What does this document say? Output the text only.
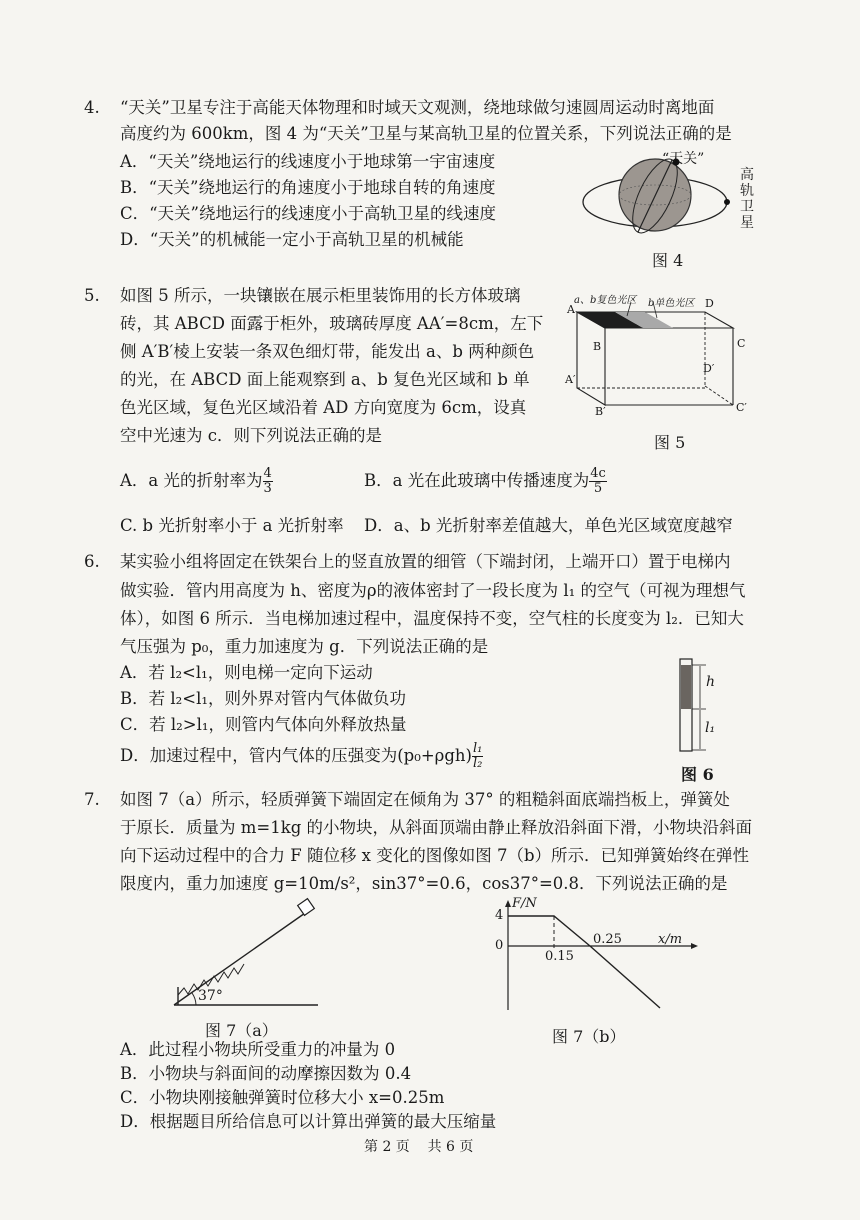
4. “天关”卫星专注于高能天体物理和时域天文观测，绕地球做匀速圆周运动时离地面
高度约为 600km，图 4 为“天关”卫星与某高轨卫星的位置关系，下列说法正确的是
A．“天关”绕地运行的线速度小于地球第一宇宙速度
B．“天关”绕地运行的角速度小于地球自转的角速度
C．“天关”绕地运行的线速度小于高轨卫星的线速度
D．“天关”的机械能一定小于高轨卫星的机械能
“天关”
高
轨
卫
星
图 4
5. 如图 5 所示，一块镶嵌在展示柜里装饰用的长方体玻璃
砖，其 ABCD 面露于柜外，玻璃砖厚度 AA′=8cm，左下
侧 A′B′棱上安装一条双色细灯带，能发出 a、b 两种颜色
的光，在 ABCD 面上能观察到 a、b 复色光区域和 b 单
色光区域，复色光区域沿着 AD 方向宽度为 6cm，设真
空中光速为 c．则下列说法正确的是
a、b复色光区 b单色光区
A	D
B	C
D′
A′
B′	C′
图 5
A．a 光的折射率为 $\frac{4}{3}$	B．a 光在此玻璃中传播速度为 $\frac{4c}{5}$
C. b 光折射率小于 a 光折射率 D．a、b 光折射率差值越大，单色光区域宽度越窄
6. 某实验小组将固定在铁架台上的竖直放置的细管（下端封闭，上端开口）置于电梯内
做实验．管内用高度为 h、密度为ρ的液体密封了一段长度为 l₁ 的空气（可视为理想气
体），如图 6 所示．当电梯加速过程中，温度保持不变，空气柱的长度变为 l₂．已知大
气压强为 p₀，重力加速度为 g．下列说法正确的是
A．若 l₂<l₁，则电梯一定向下运动
B．若 l₂<l₁，则外界对管内气体做负功
C．若 l₂>l₁，则管内气体向外释放热量
D．加速过程中，管内气体的压强变为$(p_0+\rho gh) \frac{\text{l₁}}{\text{l₂}}$
h
l₁
图 6
7. 如图 7（a）所示，轻质弹簧下端固定在倾角为 37° 的粗糙斜面底端挡板上，弹簧处
于原长．质量为 m=1kg 的小物块，从斜面顶端由静止释放沿斜面下滑，小物块沿斜面
向下运动过程中的合力 F 随位移 x 变化的图像如图 7（b）所示．已知弹簧始终在弹性
限度内，重力加速度 g=10m/s²，sin37°=0.6，cos37°=0.8．下列说法正确的是
37°
图 7（a）
F/N
x/m
4
0
0.15
0.25
图 7（b）
A．此过程小物块所受重力的冲量为 0
B．小物块与斜面间的动摩擦因数为 0.4
C．小物块刚接触弹簧时位移大小 x=0.25m
D．根据题目所给信息可以计算出弹簧的最大压缩量
第 2 页    共 6 页
